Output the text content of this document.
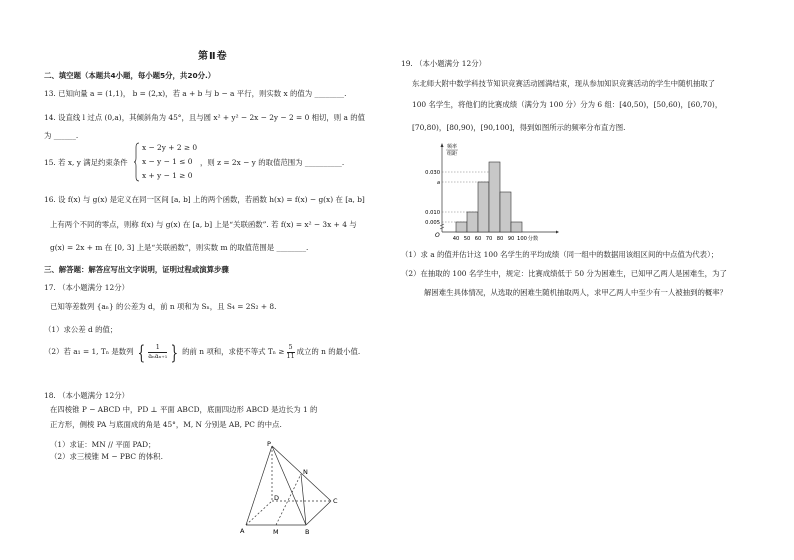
第Ⅱ卷
二、填空题（本题共4小题，每小题5分，共20分.）
13. 已知向量 a = (1,1)， b = (2,x)，若 a + b 与 b − a 平行，则实数 x 的值为 ________.
14. 设直线 l 过点 (0,a)，其倾斜角为 45°，且与圆 x² + y² − 2x − 2y − 2 = 0 相切，则 a 的值
为 ______.
15. 若 x, y 满足约束条件
x − 2y + 2 ≥ 0
x − y − 1 ≤ 0
x + y − 1 ≥ 0
，则 z = 2x − y 的取值范围为 __________.
16. 设 f(x) 与 g(x) 是定义在同一区间 [a, b] 上的两个函数，若函数 h(x) = f(x) − g(x) 在 [a, b]
上有两个不同的零点，则称 f(x) 与 g(x) 在 [a, b] 上是“关联函数”. 若 f(x) = x² − 3x + 4 与
g(x) = 2x + m 在 [0, 3] 上是“关联函数”，则实数 m 的取值范围是 ________.
三、解答题：解答应写出文字说明，证明过程或演算步骤
17. （本小题满分 12分）
已知等差数列 {aₙ} 的公差为 d，前 n 项和为 Sₙ，且 S₄ = 2S₂ + 8.
（1）求公差 d 的值；
（2）若 a₁ = 1, Tₙ 是数列 { $\frac{1}{\text{aₙaₙ₊₁}}$ } 的前 n 项和，求使不等式 $T_n \ge \frac{5}{11}$ 成立的 n 的最小值.
18. （本小题满分 12分）
在四棱锥 P − ABCD 中，PD ⊥ 平面 ABCD，底面四边形 ABCD 是边长为 1 的
正方形，侧棱 PA 与底面成的角是 45°，M, N 分别是 AB, PC 的中点.
（1）求证：MN // 平面 PAD；
（2）求三棱锥 M − PBC 的体积.
P
A	B
C
D
M
N
19. （本小题满分 12分）
东北师大附中数学科技节知识竞赛活动圆满结束，现从参加知识竞赛活动的学生中随机抽取了
100 名学生，将他们的比赛成绩（满分为 100 分）分为 6 组：[40,50)，[50,60)，[60,70)，
[70,80)，[80,90)，[90,100]，得到如图所示的频率分布直方图.
0.030
a
0.010
0.005
40 50 60 70 80 90 100 分数
O
频率
组距
（1）求 a 的值并估计这 100 名学生的平均成绩（同一组中的数据用该组区间的中点值为代表）；
（2）在抽取的 100 名学生中，规定：比赛成绩低于 50 分为困难生，已知甲乙两人是困难生，为了
解困难生具体情况，从选取的困难生随机抽取两人，求甲乙两人中至少有一人被抽到的概率？
